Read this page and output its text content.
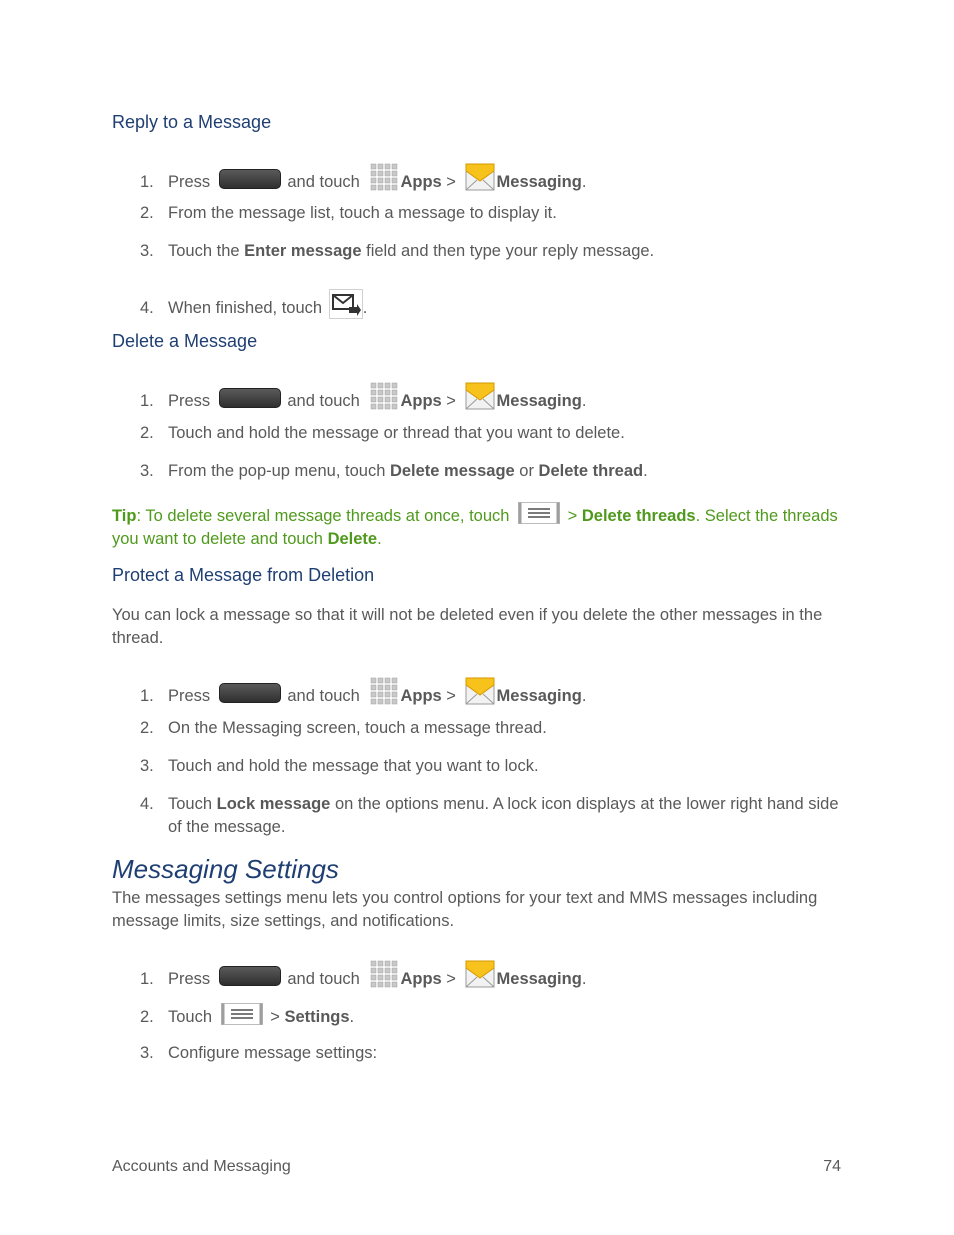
Reply to a Message
1. Press	and touch Apps > Messaging.
2. From the message list, touch a message to display it.
3. Touch the Enter message field and then type your reply message.
4. When finished, touch .
Delete a Message
1. Press	and touch Apps > Messaging.
2. Touch and hold the message or thread that you want to delete.
3. From the pop-up menu, touch Delete message or Delete thread.
Tip: To delete several message threads at once, touch	> Delete threads. Select the threads you want to delete and touch Delete.
Protect a Message from Deletion
You can lock a message so that it will not be deleted even if you delete the other messages in the thread.
1. Press	and touch Apps > Messaging.
2. On the Messaging screen, touch a message thread.
3. Touch and hold the message that you want to lock.
4. Touch Lock message on the options menu. A lock icon displays at the lower right hand side of the message.
Messaging Settings
The messages settings menu lets you control options for your text and MMS messages including message limits, size settings, and notifications.
1. Press	and touch Apps > Messaging.
2. Touch	> Settings.
3. Configure message settings:
Accounts and Messaging	74
